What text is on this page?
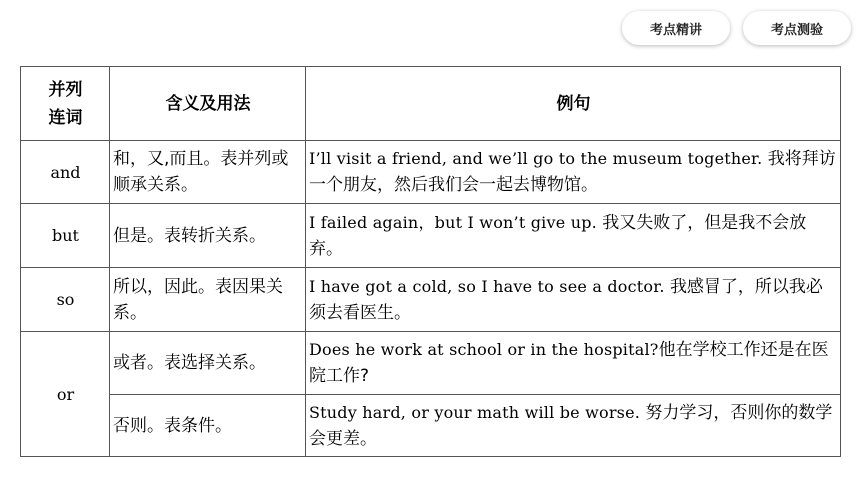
考点精讲	考点测验
并列
连词	含义及用法	例句
and	和，又,而且。表并列或顺承关系。	I’ll visit a friend, and we’ll go to the museum together. 我将拜访一个朋友，然后我们会一起去博物馆。
but	但是。表转折关系。	I failed again，but I won’t give up. 我又失败了，但是我不会放弃。
so	所以，因此。表因果关系。	I have got a cold, so I have to see a doctor. 我感冒了，所以我必须去看医生。
or	或者。表选择关系。	Does he work at school or in the hospital?他在学校工作还是在医院工作?
	否则。表条件。	Study hard, or your math will be worse. 努力学习，否则你的数学会更差。
